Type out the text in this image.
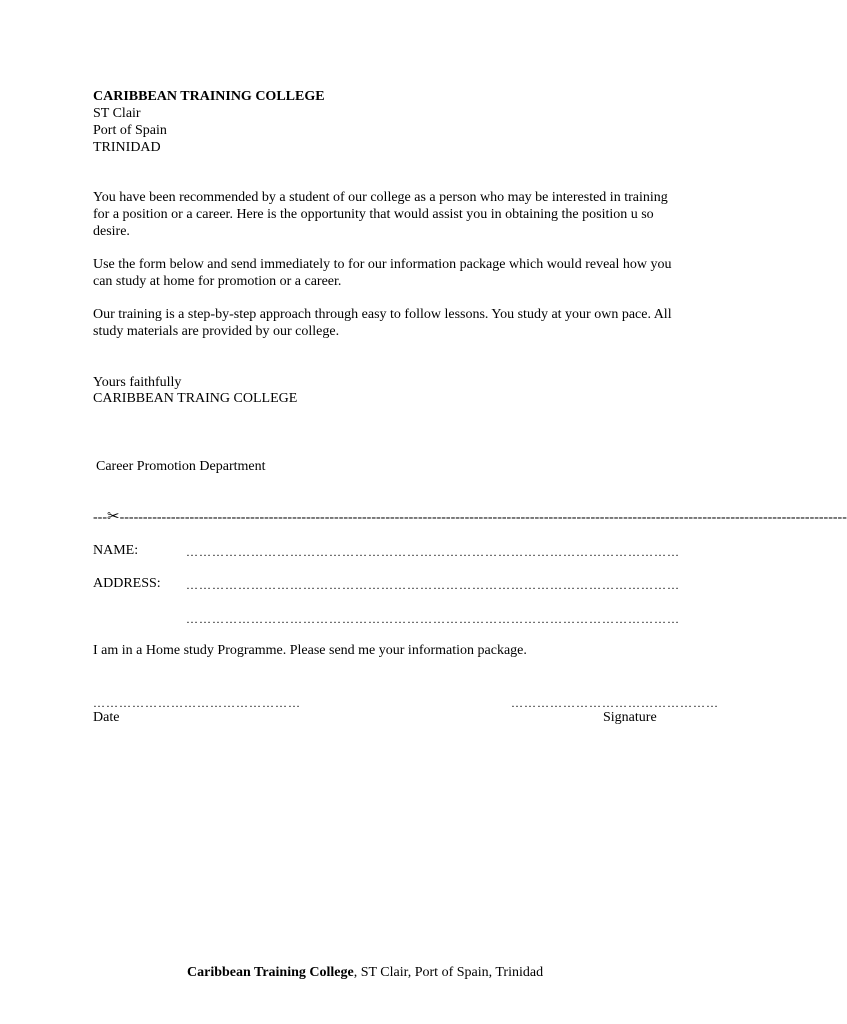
CARIBBEAN TRAINING COLLEGE
ST Clair
Port of Spain
TRINIDAD
You have been recommended by a student of our college as a person who may be interested in training for a position or a career. Here is the opportunity that would assist you in obtaining the position u so desire.
Use the form below and send immediately to for our information package which would reveal how you can study at home for promotion or a career.
Our training is a step-by-step approach through easy to follow lessons. You study at your own pace. All study materials are provided by our college.
Yours faithfully
CARIBBEAN TRAING COLLEGE
Career Promotion Department
---✂------------------------------------------------------------------------------------------------------------------------------------------------------------
NAME:	……………………………………………………………………………………………………
ADDRESS: ……………………………………………………………………………………………………
……………………………………………………………………………………………………
I am in a Home study Programme. Please send me your information package.
…………………………………………	…………………………………………
Date	Signature
Caribbean Training College, ST Clair, Port of Spain, Trinidad
